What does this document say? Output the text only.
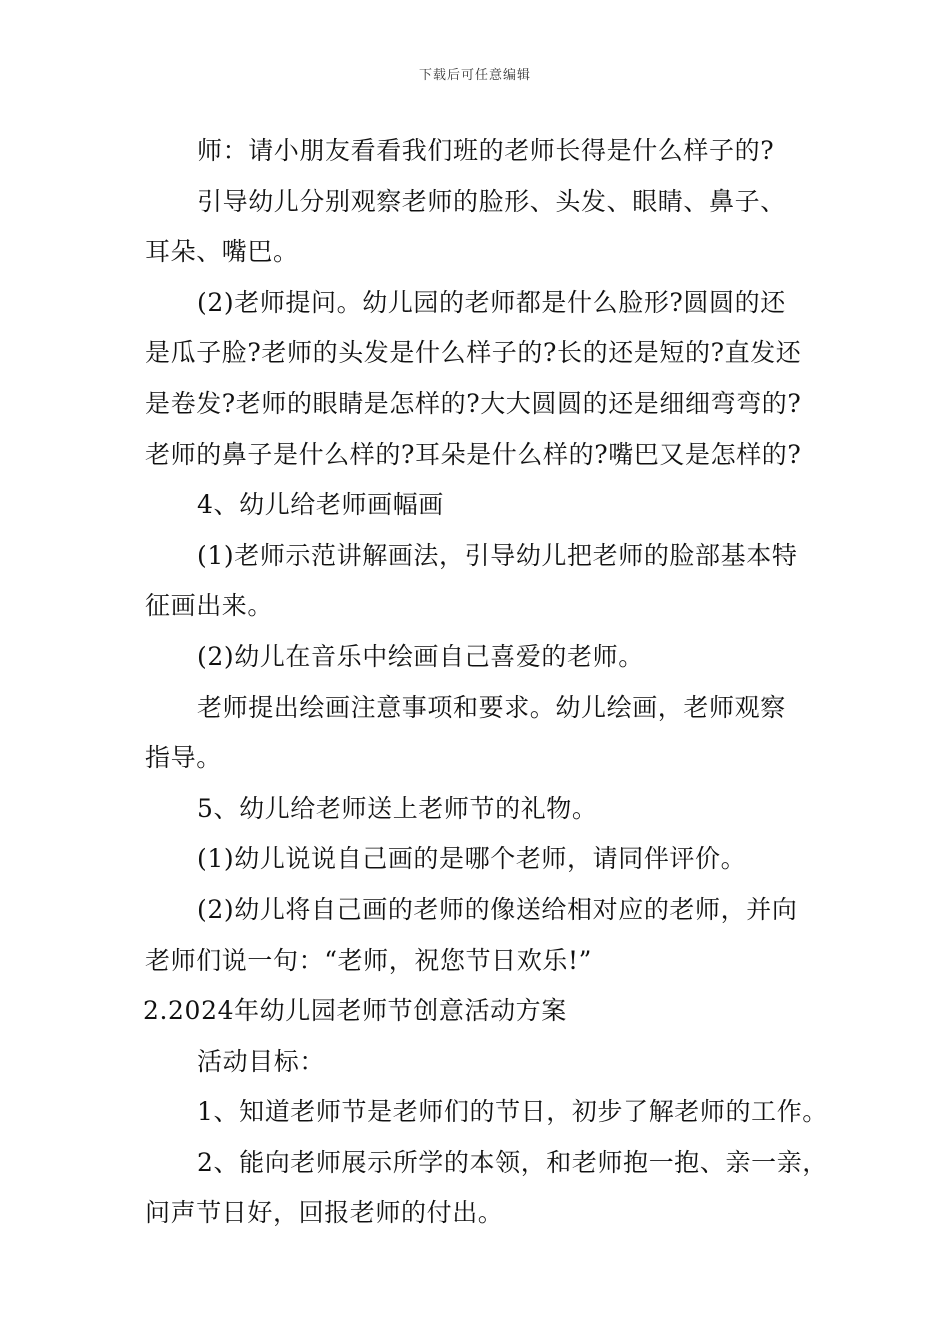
下载后可任意编辑
师：请小朋友看看我们班的老师长得是什么样子的?
引导幼儿分别观察老师的脸形、头发、眼睛、鼻子、
耳朵、嘴巴。
(2)老师提问。幼儿园的老师都是什么脸形?圆圆的还
是瓜子脸?老师的头发是什么样子的?长的还是短的?直发还
是卷发?老师的眼睛是怎样的?大大圆圆的还是细细弯弯的?
老师的鼻子是什么样的?耳朵是什么样的?嘴巴又是怎样的?
4、幼儿给老师画幅画
(1)老师示范讲解画法，引导幼儿把老师的脸部基本特
征画出来。
(2)幼儿在音乐中绘画自己喜爱的老师。
老师提出绘画注意事项和要求。幼儿绘画，老师观察
指导。
5、幼儿给老师送上老师节的礼物。
(1)幼儿说说自己画的是哪个老师，请同伴评价。
(2)幼儿将自己画的老师的像送给相对应的老师，并向
老师们说一句：“老师，祝您节日欢乐!”
2.2024年幼儿园老师节创意活动方案
活动目标：
1、知道老师节是老师们的节日，初步了解老师的工作。
2、能向老师展示所学的本领，和老师抱一抱、亲一亲，
问声节日好，回报老师的付出。
